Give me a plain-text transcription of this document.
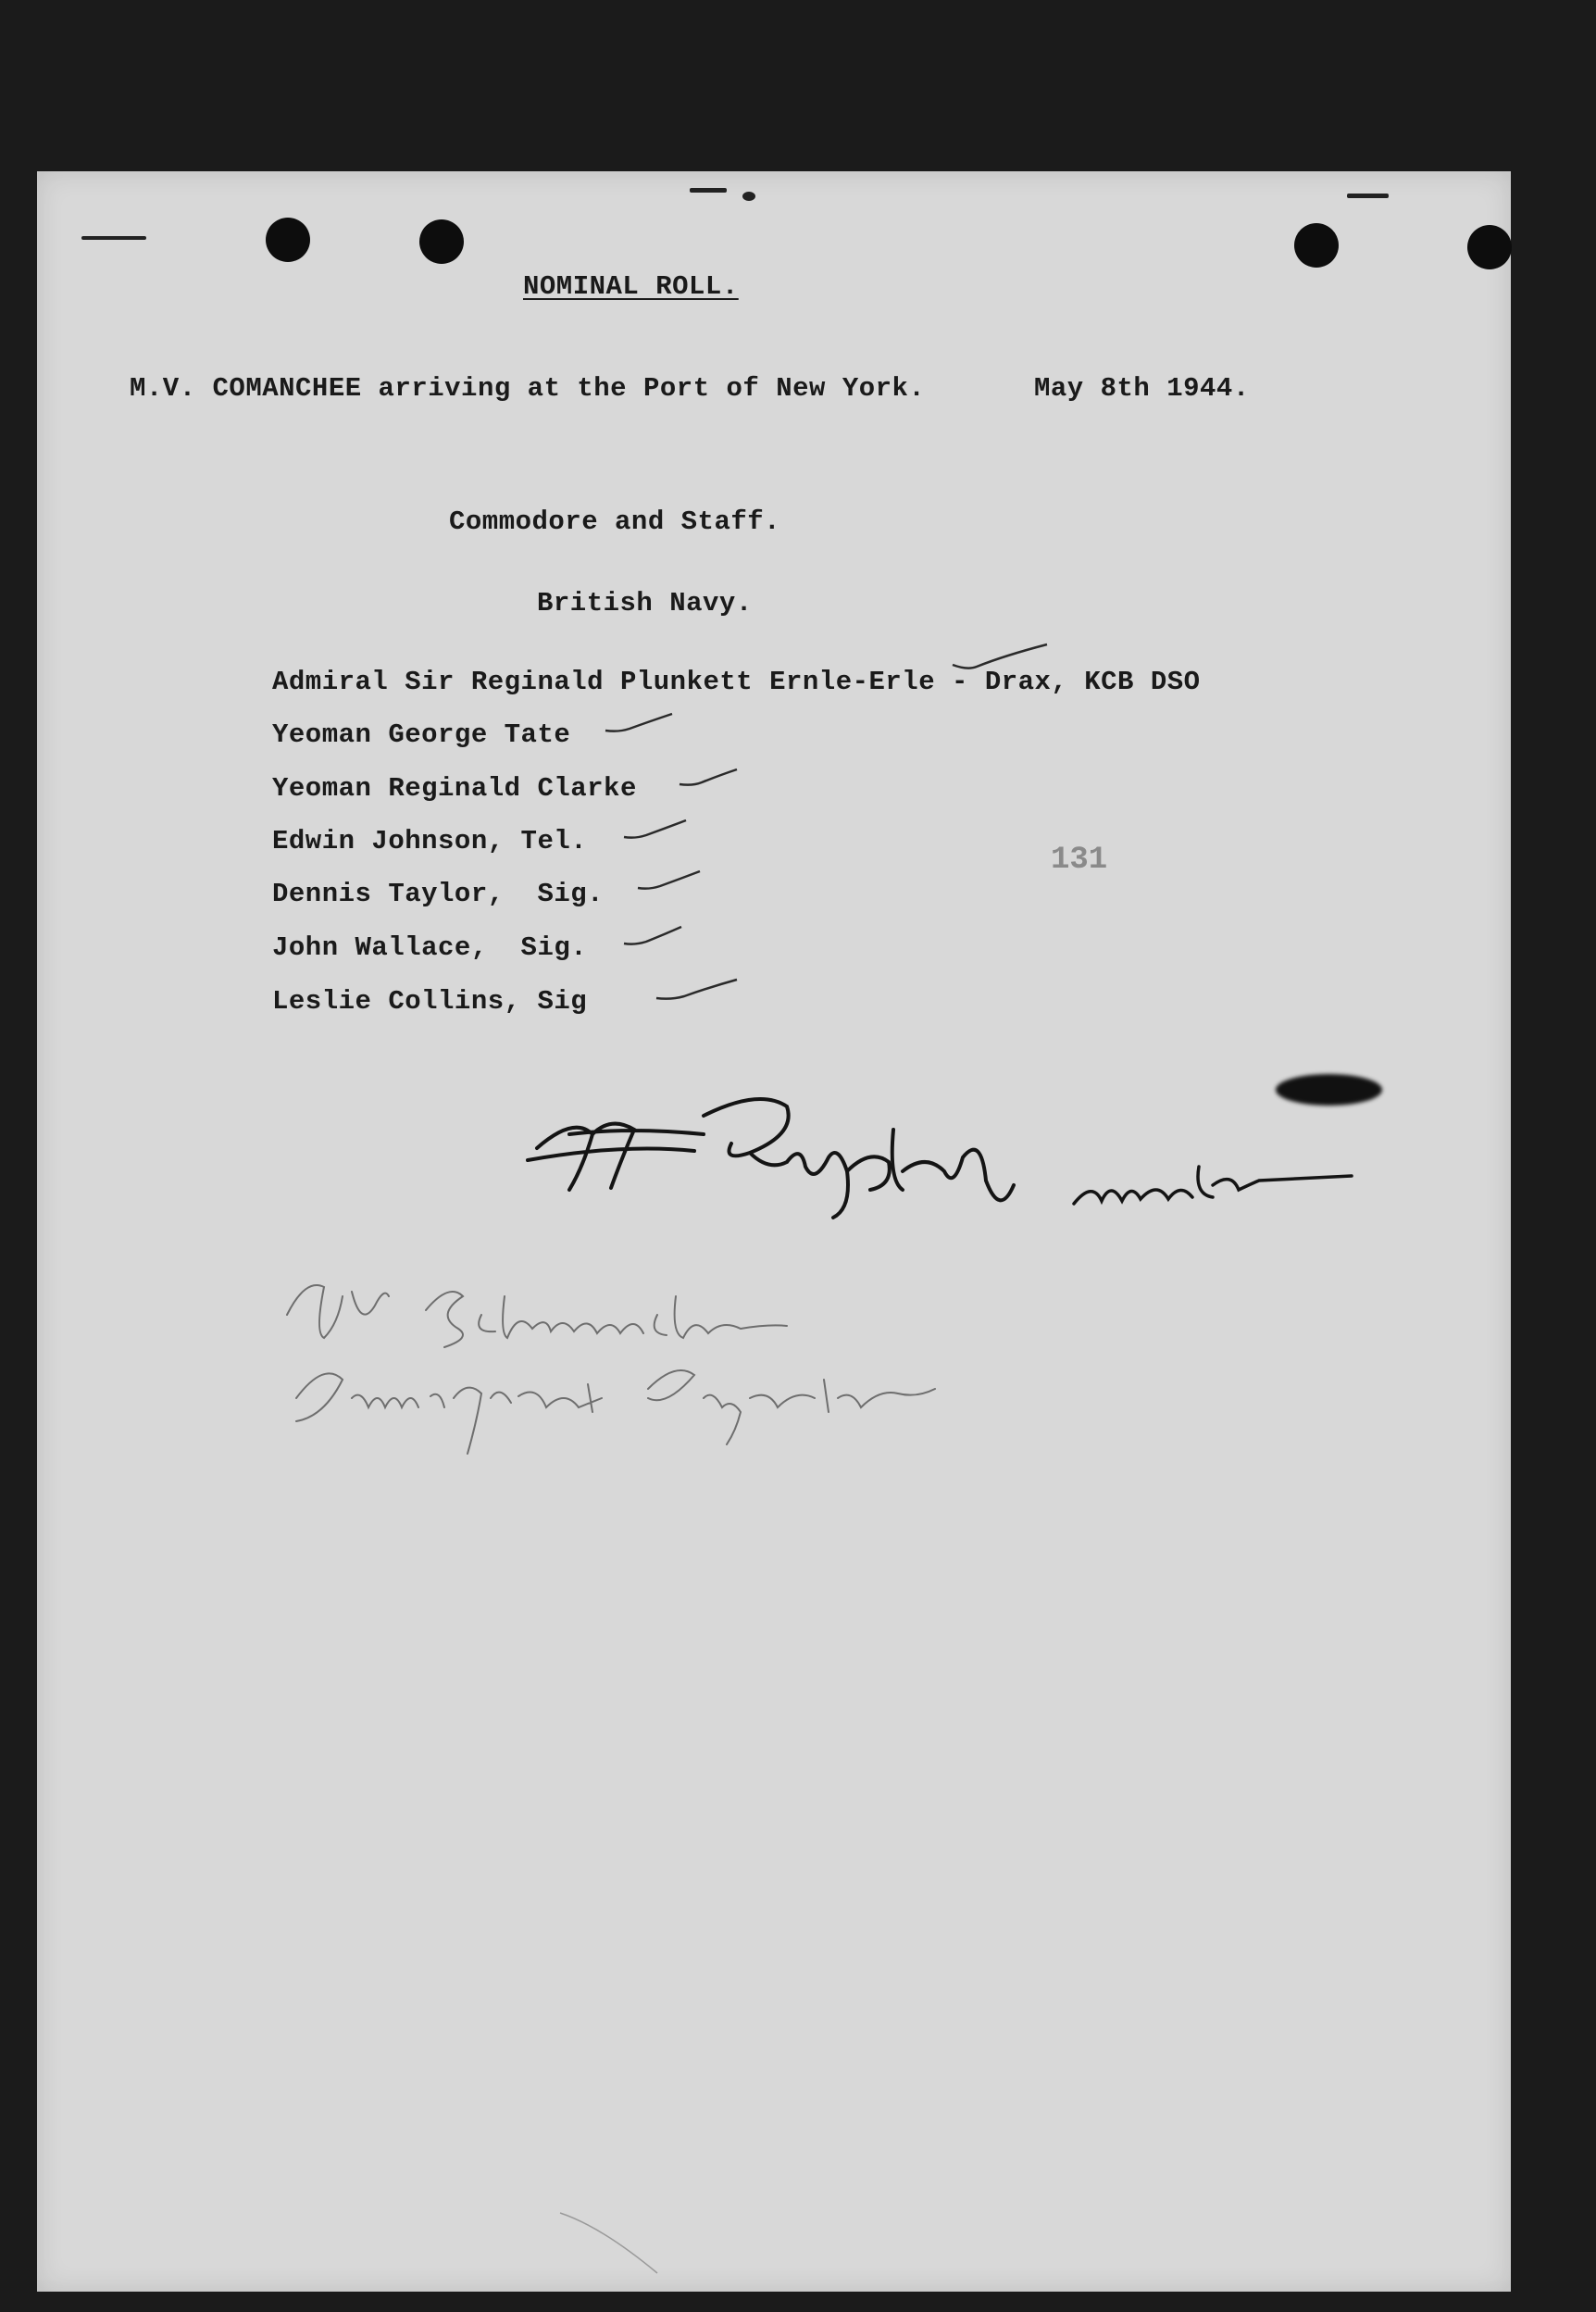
NOMINAL ROLL.
M.V. COMANCHEE arriving at the Port of New York.	May 8th 1944.
Commodore and Staff.
British Navy.
Admiral Sir Reginald Plunkett Ernle-Erle - Drax, KCB DSO
Yeoman George Tate
Yeoman Reginald Clarke
Edwin Johnson, Tel.
Dennis Taylor,  Sig.
John Wallace,  Sig.
Leslie Collins, Sig
131
